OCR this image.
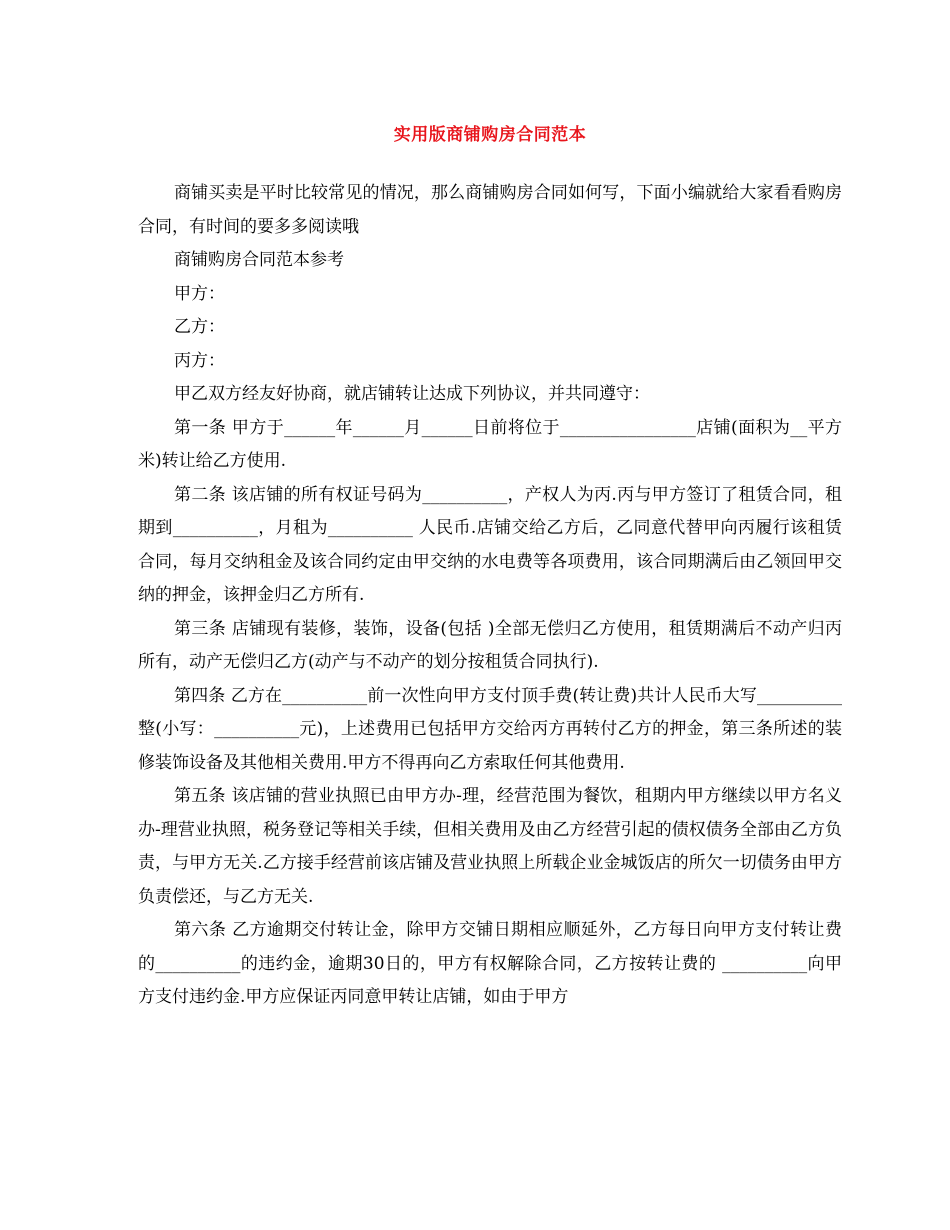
实用版商铺购房合同范本

商铺买卖是平时比较常见的情况，那么商铺购房合同如何写，下面小编就给大家看看购房合同，有时间的要多多阅读哦

商铺购房合同范本参考

甲方：

乙方：

丙方：

甲乙双方经友好协商，就店铺转让达成下列协议，并共同遵守：

第一条 甲方于______年______月______日前将位于________________店铺(面积为__平方米)转让给乙方使用.

第二条 该店铺的所有权证号码为__________，产权人为丙.丙与甲方签订了租赁合同，租期到__________，月租为__________ 人民币.店铺交给乙方后，乙同意代替甲向丙履行该租赁合同，每月交纳租金及该合同约定由甲交纳的水电费等各项费用，该合同期满后由乙领回甲交纳的押金，该押金归乙方所有.

第三条 店铺现有装修，装饰，设备(包括 )全部无偿归乙方使用，租赁期满后不动产归丙所有，动产无偿归乙方(动产与不动产的划分按租赁合同执行).

第四条 乙方在__________前一次性向甲方支付顶手费(转让费)共计人民币大写__________整(小写：__________元)，上述费用已包括甲方交给丙方再转付乙方的押金，第三条所述的装修装饰设备及其他相关费用.甲方不得再向乙方索取任何其他费用.

第五条 该店铺的营业执照已由甲方办-理，经营范围为餐饮，租期内甲方继续以甲方名义办-理营业执照，税务登记等相关手续，但相关费用及由乙方经营引起的债权债务全部由乙方负责，与甲方无关.乙方接手经营前该店铺及营业执照上所载企业金城饭店的所欠一切债务由甲方负责偿还，与乙方无关.

第六条 乙方逾期交付转让金，除甲方交铺日期相应顺延外，乙方每日向甲方支付转让费的__________的违约金，逾期30日的，甲方有权解除合同，乙方按转让费的 __________向甲方支付违约金.甲方应保证丙同意甲转让店铺，如由于甲方
